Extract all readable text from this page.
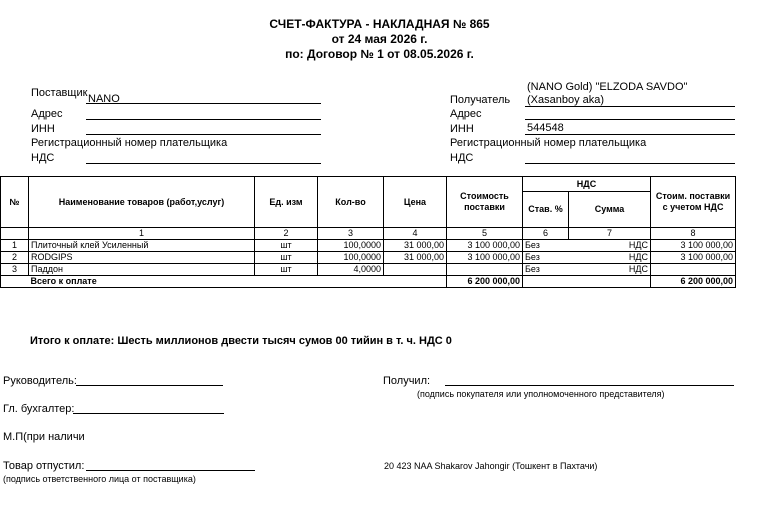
СЧЕТ-ФАКТУРА - НАКЛАДНАЯ № 865
от 24 мая 2026 г.
по: Договор № 1 от 08.05.2026 г.
Поставщик NANO
Адрес
ИНН
Регистрационный номер плательщика
НДС
(NANO Gold) "ELZODA SAVDO"
Получатель (Xasanboy aka)
Адрес
ИНН	544548
Регистрационный номер плательщика
НДС
№	Наименование товаров (работ,услуг)	Ед. изм	Кол-во	Цена	Стоимость поставки	НДС		Стоим. поставки с учетом НДС
						Став. %	Сумма	
	1	2	3	4	5	6	7	8
1	Плиточный клей Усиленный	шт	100,0000	31 000,00	3 100 000,00	Без	НДС	3 100 000,00
2	RODGIPS	шт	100,0000	31 000,00	3 100 000,00	Без	НДС	3 100 000,00
3	Паддон	шт	4,0000			Без	НДС	
	Всего к оплате				6 200 000,00			6 200 000,00
Итого к оплате: Шесть миллионов двести тысяч сумов 00 тийин в т. ч. НДС 0
Руководитель:
Гл. бухгалтер:
М.П(при наличи
Товар отпустил:
(подпись ответственного лица от поставщика)
Получил:
(подпись покупателя или уполномоченного представителя)
20 423 NAA Shakarov Jahongir (Тошкент в Пахтачи)
